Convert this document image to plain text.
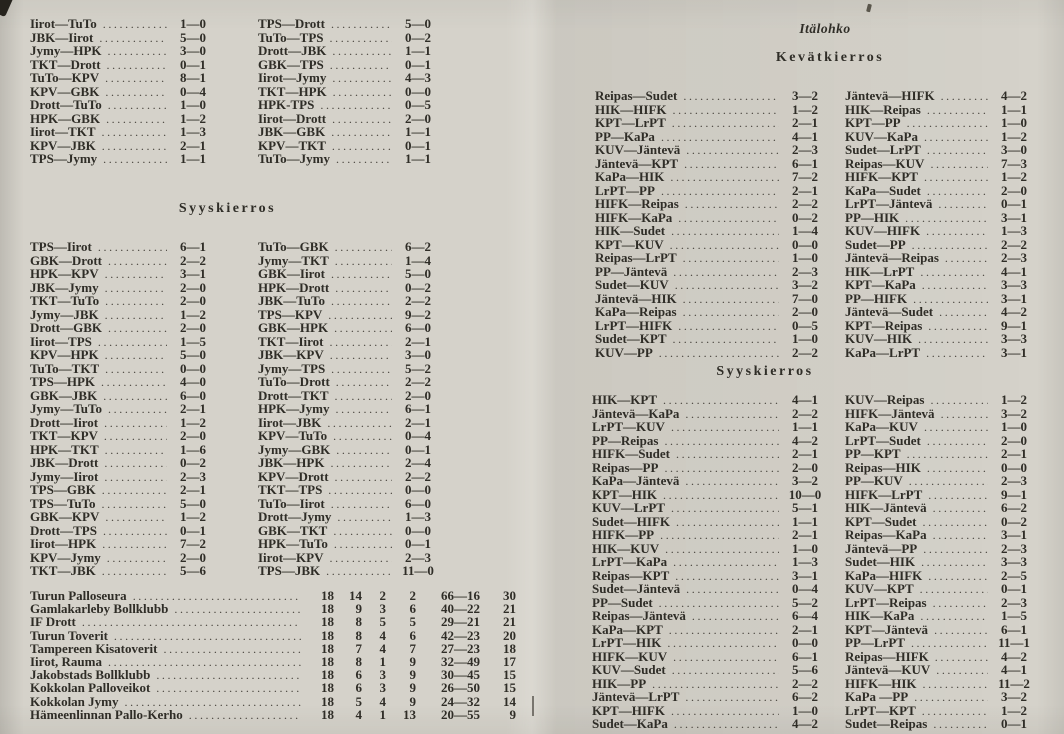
Iirot—TuTo .....	1—0
JBK—Iirot .....	5—0
Jymy—HPK .....	3—0
TKT—Drott .....	0—1
TuTo—KPV .....	8—1
KPV—GBK .....	0—4
Drott—TuTo .....	1—0
HPK—GBK .....	1—2
Iirot—TKT .....	1—3
KPV—JBK .....	2—1
TPS—Jymy .....	1—1
TPS—Drott .....	5—0
TuTo—TPS .....	0—2
Drott—JBK .....	1—1
GBK—TPS .....	0—1
Iirot—Jymy .....	4—3
TKT—HPK .....	0—0
HPK-TPS .....	0—5
Iirot—Drott .....	2—0
JBK—GBK .....	1—1
KPV—TKT .....	0—1
TuTo—Jymy .....	1—1
Syyskierros
TPS—Iirot .....	6—1
GBK—Drott .....	2—2
HPK—KPV .....	3—1
JBK—Jymy .....	2—0
TKT—TuTo .....	2—0
Jymy—JBK .....	1—2
Drott—GBK .....	2—0
Iirot—TPS .....	1—5
KPV—HPK .....	5—0
TuTo—TKT .....	0—0
TPS—HPK .....	4—0
GBK—JBK .....	6—0
Jymy—TuTo .....	2—1
Drott—Iirot .....	1—2
TKT—KPV .....	2—0
HPK—TKT .....	1—6
JBK—Drott .....	0—2
Jymy—Iirot .....	2—3
TPS—GBK .....	2—1
TPS—TuTo .....	5—0
GBK—KPV .....	1—2
Drott—TPS .....	0—1
Iirot—HPK .....	7—2
KPV—Jymy .....	2—0
TKT—JBK .....	5—6
TuTo—GBK .....	6—2
Jymy—TKT .....	1—4
GBK—Iirot .....	5—0
HPK—Drott .....	0—2
JBK—TuTo .....	2—2
TPS—KPV .....	9—2
GBK—HPK .....	6—0
TKT—Iirot .....	2—1
JBK—KPV .....	3—0
Jymy—TPS .....	5—2
TuTo—Drott .....	2—2
Drott—TKT .....	2—0
HPK—Jymy .....	6—1
Iirot—JBK .....	2—1
KPV—TuTo .....	0—4
Jymy—GBK .....	0—1
JBK—HPK .....	2—4
KPV—Drott .....	2—2
TKT—TPS .....	0—0
TuTo—Iirot .....	6—0
Drott—Jymy .....	1—3
GBK—TKT .....	0—0
HPK—TuTo .....	0—1
Iirot—KPV .....	2—3
TPS—JBK .....	11—0
Turun Palloseura .....	18	14	2	2	66—16	30
Gamlakarleby Bollklubb .....	18	9	3	6	40—22	21
IF Drott .....	18	8	5	5	29—21	21
Turun Toverit .....	18	8	4	6	42—23	20
Tampereen Kisatoverit .....	18	7	4	7	27—23	18
Iirot, Rauma .....	18	8	1	9	32—49	17
Jakobstads Bollklubb .....	18	6	3	9	30—45	15
Kokkolan Palloveikot .....	18	6	3	9	26—50	15
Kokkolan Jymy .....	18	5	4	9	24—32	14
Hämeenlinnan Pallo-Kerho .....	18	4	1	13	20—55	9
Itälohko
Kevätkierros
Reipas—Sudet .....	3—2
HIK—HIFK .....	1—2
KPT—LrPT .....	2—1
PP—KaPa .....	4—1
KUV—Jäntevä .....	2—3
Jäntevä—KPT .....	6—1
KaPa—HIK .....	7—2
LrPT—PP .....	2—1
HIFK—Reipas .....	2—2
HIFK—KaPa .....	0—2
HIK—Sudet .....	1—4
KPT—KUV .....	0—0
Reipas—LrPT .....	1—0
PP—Jäntevä .....	2—3
Sudet—KUV .....	3—2
Jäntevä—HIK .....	7—0
KaPa—Reipas .....	2—0
LrPT—HIFK .....	0—5
Sudet—KPT .....	1—0
KUV—PP .....	2—2
Jäntevä—HIFK .....	4—2
HIK—Reipas .....	1—1
KPT—PP .....	1—0
KUV—KaPa .....	1—2
Sudet—LrPT .....	3—0
Reipas—KUV .....	7—3
HIFK—KPT .....	1—2
KaPa—Sudet .....	2—0
LrPT—Jäntevä .....	0—1
PP—HIK .....	3—1
KUV—HIFK .....	1—3
Sudet—PP .....	2—2
Jäntevä—Reipas .....	2—3
HIK—LrPT .....	4—1
KPT—KaPa .....	3—3
PP—HIFK .....	3—1
Jäntevä—Sudet .....	4—2
KPT—Reipas .....	9—1
KUV—HIK .....	3—3
KaPa—LrPT .....	3—1
Syyskierros
HIK—KPT .....	4—1
Jäntevä—KaPa .....	2—2
LrPT—KUV .....	1—1
PP—Reipas .....	4—2
HIFK—Sudet .....	2—1
Reipas—PP .....	2—0
KaPa—Jäntevä .....	3—2
KPT—HIK .....	10—0
KUV—LrPT .....	5—1
Sudet—HIFK .....	1—1
HIFK—PP .....	2—1
HIK—KUV .....	1—0
LrPT—KaPa .....	1—3
Reipas—KPT .....	3—1
Sudet—Jäntevä .....	0—4
PP—Sudet .....	5—2
Reipas—Jäntevä .....	6—4
KaPa—KPT .....	2—1
LrPT—HIK .....	0—0
HIFK—KUV .....	6—1
KUV—Sudet .....	5—6
HIK—PP .....	2—2
Jäntevä—LrPT .....	6—2
KPT—HIFK .....	1—0
Sudet—KaPa .....	4—2
KUV—Reipas .....	1—2
HIFK—Jäntevä .....	3—2
KaPa—KUV .....	1—0
LrPT—Sudet .....	2—0
PP—KPT .....	2—1
Reipas—HIK .....	0—0
PP—KUV .....	2—3
HIFK—LrPT .....	9—1
HIK—Jäntevä .....	6—2
KPT—Sudet .....	0—2
Reipas—KaPa .....	3—1
Jäntevä—PP .....	2—3
Sudet—HIK .....	3—3
KaPa—HIFK .....	2—5
KUV—KPT .....	0—1
LrPT—Reipas .....	2—3
HIK—KaPa .....	1—5
KPT—Jäntevä .....	6—1
PP—LrPT .....	11—1
Reipas—HIFK .....	4—2
Jäntevä—KUV .....	4—1
HIFK—HIK .....	11—2
KaPa —PP .....	3—2
LrPT—KPT .....	1—2
Sudet—Reipas .....	0—1
